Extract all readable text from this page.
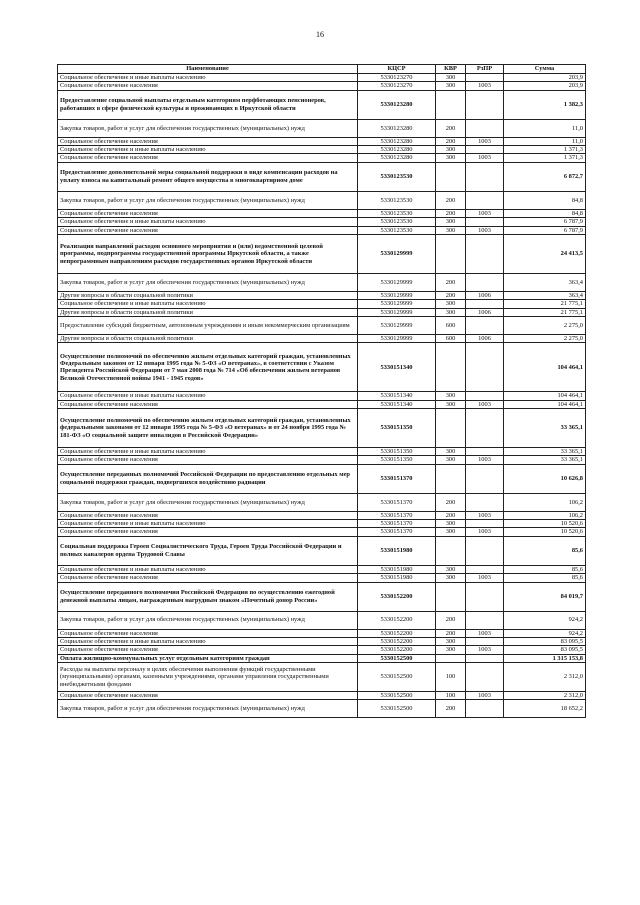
16
Наименование	КЦСР	КВР	РзПР	Сумма
Социальное обеспечение и иные выплаты населению	5330123270	300		203,9
Социальное обеспечение населения	5330123270	300	1003	203,9
Предоставление социальной выплаты отдельным категориям перфботающих пенсионеров, работавших в сфере физической культуры и проживающих в Иркутской области	5330123280			1 382,3
Закупка товаров, работ и услуг для обеспечения государственных (муниципальных) нужд	5330123280	200		11,0
Социальное обеспечение населения	5330123280	200	1003	11,0
Социальное обеспечение и иные выплаты населению	5330123280	300		1 371,3
Социальное обеспечение населения	5330123280	300	1003	1 371,3
Предоставление дополнительной меры социальной поддержки в виде компенсации расходов на уплату взноса на капитальный ремонт общего имущества в многоквартирном доме	5330123530			6 872,7
Закупка товаров, работ и услуг для обеспечения государственных (муниципальных) нужд	5330123530	200		84,8
Социальное обеспечение населения	5330123530	200	1003	84,8
Социальное обеспечение и иные выплаты населению	5330123530	300		6 787,9
Социальное обеспечение населения	5330123530	300	1003	6 787,9
Реализация направлений расходов основного мероприятия и (или) ведомственной целевой программы, подпрограммы государственной программы Иркутской области, а также непрограммным направлениям расходов государственных органов Иркутской области	5330129999			24 413,5
Закупка товаров, работ и услуг для обеспечения государственных (муниципальных) нужд	5330129999	200		363,4
Другие вопросы в области социальной политики	5330129999	200	1006	363,4
Социальное обеспечение и иные выплаты населению	5330129999	300		21 775,1
Другие вопросы в области социальной политики	5330129999	300	1006	21 775,1
Предоставление субсидий бюджетным, автономным учреждениям и иным некоммерческим организациям	5330129999	600		2 275,0
Другие вопросы в области социальной политики	5330129999	600	1006	2 275,0
Осуществление полномочий по обеспечению жильем отдельных категорий граждан, установленных Федеральным законом от 12 января 1995 года № 5-ФЗ «О ветеранах», в соответствии с Указом Президента Российской Федерации от 7 мая 2008 года № 714 «Об обеспечении жильем ветеранов Великой Отечественной войны 1941 - 1945 годов»	5330151340			104 464,1
Социальное обеспечение и иные выплаты населению	5330151340	300		104 464,1
Социальное обеспечение населения	5330151340	300	1003	104 464,1
Осуществление полномочий по обеспечению жильем отдельных категорий граждан, установленных федеральными законами от 12 января 1995 года № 5-ФЗ «О ветеранах» и от 24 ноября 1995 года № 181-ФЗ «О социальной защите инвалидов в Российской Федерации»	5330151350			33 365,1
Социальное обеспечение и иные выплаты населению	5330151350	300		33 365,1
Социальное обеспечение населения	5330151350	300	1003	33 365,1
Осуществление переданных полномочий Российской Федерации по предоставлению отдельных мер социальной поддержки граждан, подвергшихся воздействию радиации	5330151370			10 626,8
Закупка товаров, работ и услуг для обеспечения государственных (муниципальных) нужд	5330151370	200		106,2
Социальное обеспечение населения	5330151370	200	1003	106,2
Социальное обеспечение и иные выплаты населению	5330151370	300		10 520,6
Социальное обеспечение населения	5330151370	300	1003	10 520,6
Социальная поддержка Героев Социалистического Труда, Героев Труда Российской Федерации и полных кавалеров ордена Трудовой Славы	5330151980			85,6
Социальное обеспечение и иные выплаты населению	5330151980	300		85,6
Социальное обеспечение населения	5330151980	300	1003	85,6
Осуществление переданного полномочия Российской Федерации по осуществлению ежегодной денежной выплаты лицам, награжденным нагрудным знаком «Почетный донор России»	5330152200			84 019,7
Закупка товаров, работ и услуг для обеспечения государственных (муниципальных) нужд	5330152200	200		924,2
Социальное обеспечение населения	5330152200	200	1003	924,2
Социальное обеспечение и иные выплаты населению	5330152200	300		83 095,5
Социальное обеспечение населения	5330152200	300	1003	83 095,5
Оплата жилищно-коммунальных услуг отдельным категориям граждан	5330152500			1 315 153,8
Расходы на выплаты персоналу в целях обеспечения выполнения функций государственными (муниципальными) органами, казенными учреждениями, органами управления государственными внебюджетными фондами	5330152500	100		2 312,0
Социальное обеспечение населения	5330152500	100	1003	2 312,0
Закупка товаров, работ и услуг для обеспечения государственных (муниципальных) нужд	5330152500	200		18 652,2
